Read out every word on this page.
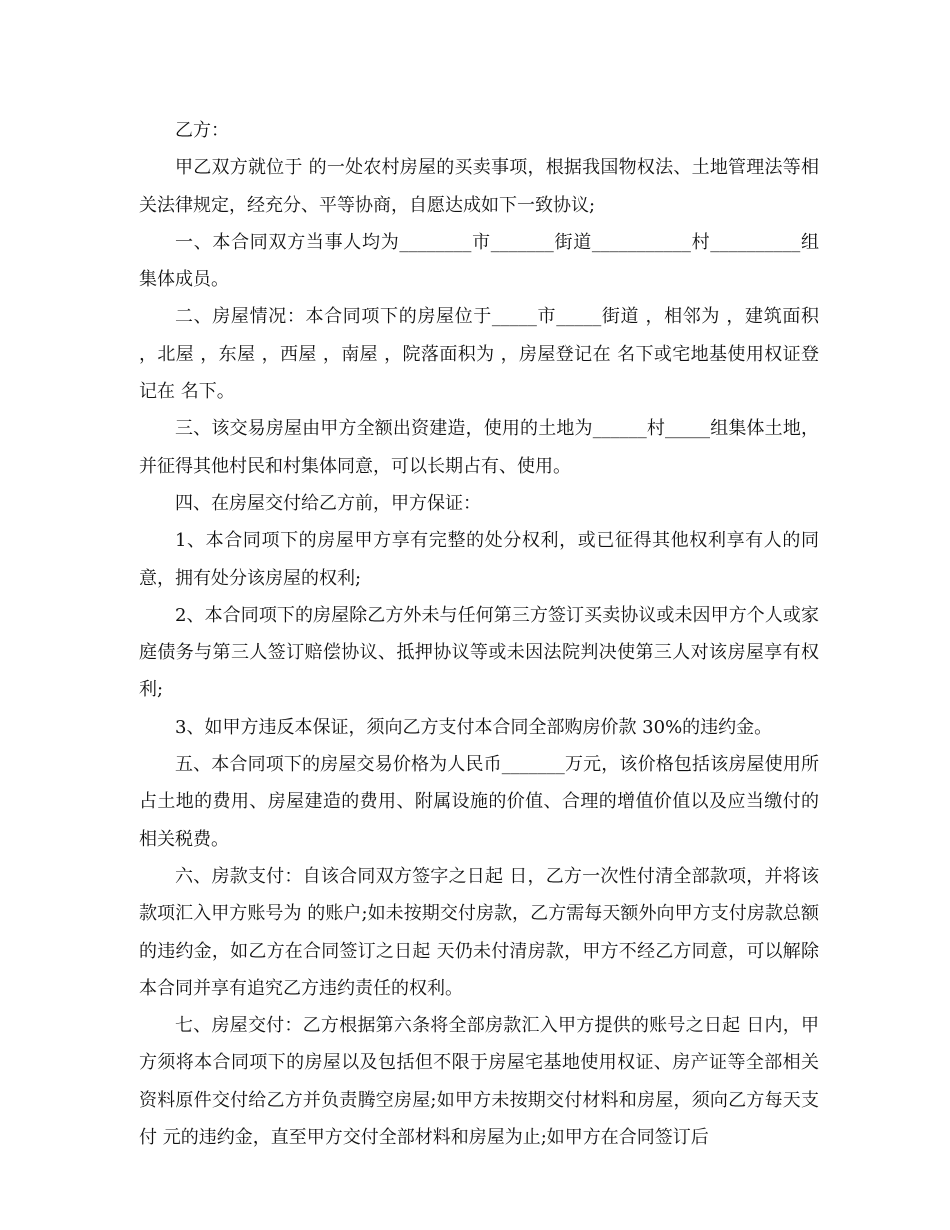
乙方：

甲乙双方就位于 的一处农村房屋的买卖事项，根据我国物权法、土地管理法等相关法律规定，经充分、平等协商，自愿达成如下一致协议;

一、本合同双方当事人均为________市_______街道___________村__________组集体成员。

二、房屋情况：本合同项下的房屋位于_____市_____街道 ，相邻为 ，建筑面积 ，北屋 ，东屋 ，西屋 ，南屋 ，院落面积为 ，房屋登记在 名下或宅地基使用权证登记在 名下。

三、该交易房屋由甲方全额出资建造，使用的土地为______村_____组集体土地，并征得其他村民和村集体同意，可以长期占有、使用。

四、在房屋交付给乙方前，甲方保证：

1、本合同项下的房屋甲方享有完整的处分权利，或已征得其他权利享有人的同意，拥有处分该房屋的权利;

2、本合同项下的房屋除乙方外未与任何第三方签订买卖协议或未因甲方个人或家庭债务与第三人签订赔偿协议、抵押协议等或未因法院判决使第三人对该房屋享有权利;

3、如甲方违反本保证，须向乙方支付本合同全部购房价款 30%的违约金。

五、本合同项下的房屋交易价格为人民币_______万元，该价格包括该房屋使用所占土地的费用、房屋建造的费用、附属设施的价值、合理的增值价值以及应当缴付的相关税费。

六、房款支付：自该合同双方签字之日起 日，乙方一次性付清全部款项，并将该款项汇入甲方账号为 的账户;如未按期交付房款，乙方需每天额外向甲方支付房款总额 的违约金，如乙方在合同签订之日起 天仍未付清房款，甲方不经乙方同意，可以解除本合同并享有追究乙方违约责任的权利。

七、房屋交付：乙方根据第六条将全部房款汇入甲方提供的账号之日起 日内，甲方须将本合同项下的房屋以及包括但不限于房屋宅基地使用权证、房产证等全部相关资料原件交付给乙方并负责腾空房屋;如甲方未按期交付材料和房屋，须向乙方每天支付 元的违约金，直至甲方交付全部材料和房屋为止;如甲方在合同签订后
